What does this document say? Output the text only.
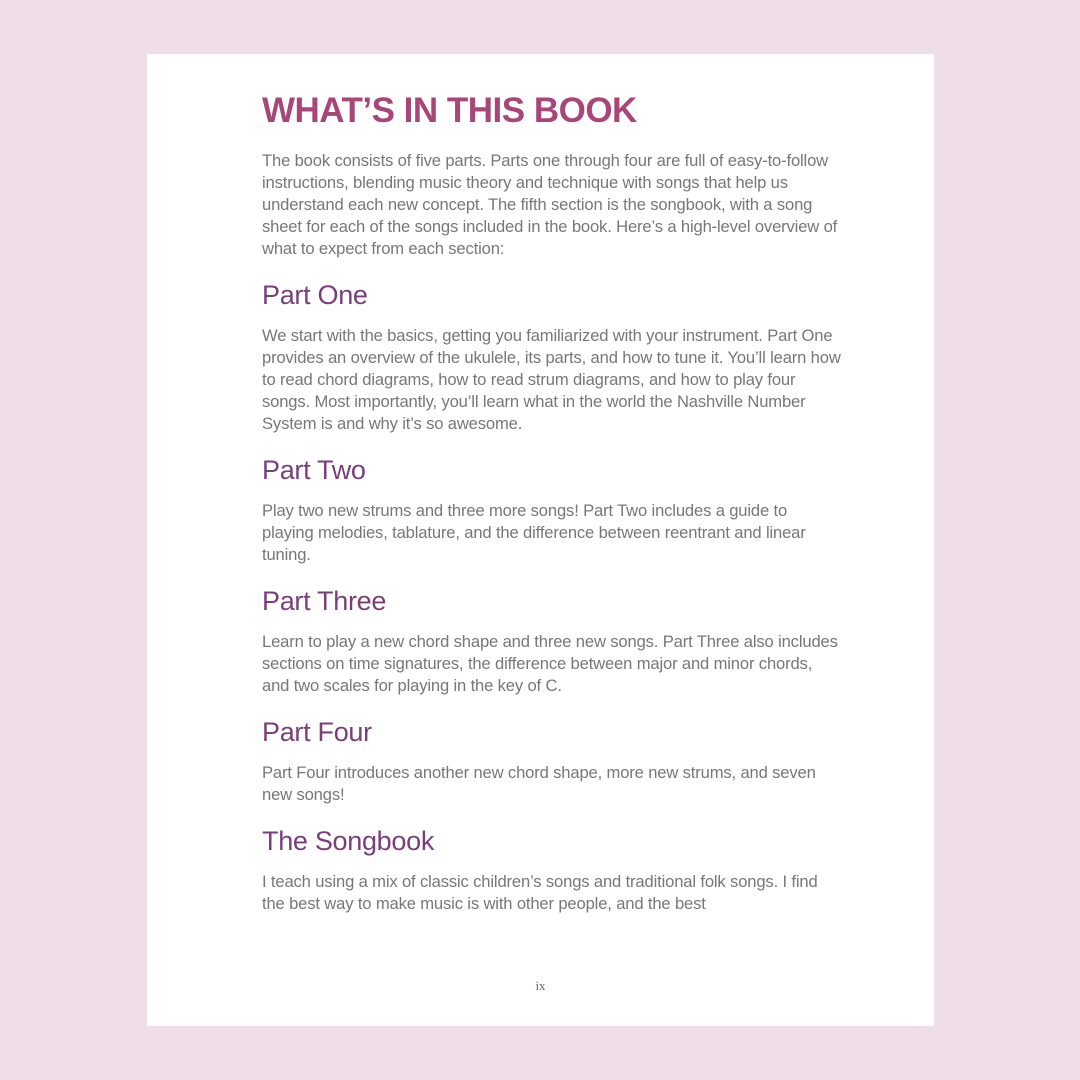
WHAT’S IN THIS BOOK

The book consists of five parts. Parts one through four are full of easy-to-follow instructions, blending music theory and technique with songs that help us understand each new concept. The fifth section is the songbook, with a song sheet for each of the songs included in the book. Here’s a high-level overview of what to expect from each section:

Part One

We start with the basics, getting you familiarized with your instrument. Part One provides an overview of the ukulele, its parts, and how to tune it. You’ll learn how to read chord diagrams, how to read strum diagrams, and how to play four songs. Most importantly, you’ll learn what in the world the Nashville Number System is and why it’s so awesome.

Part Two

Play two new strums and three more songs! Part Two includes a guide to playing melodies, tablature, and the difference between reentrant and linear tuning.

Part Three

Learn to play a new chord shape and three new songs. Part Three also includes sections on time signatures, the difference between major and minor chords, and two scales for playing in the key of C.

Part Four

Part Four introduces another new chord shape, more new strums, and seven new songs!

The Songbook

I teach using a mix of classic children’s songs and traditional folk songs. I find the best way to make music is with other people, and the best

ix
